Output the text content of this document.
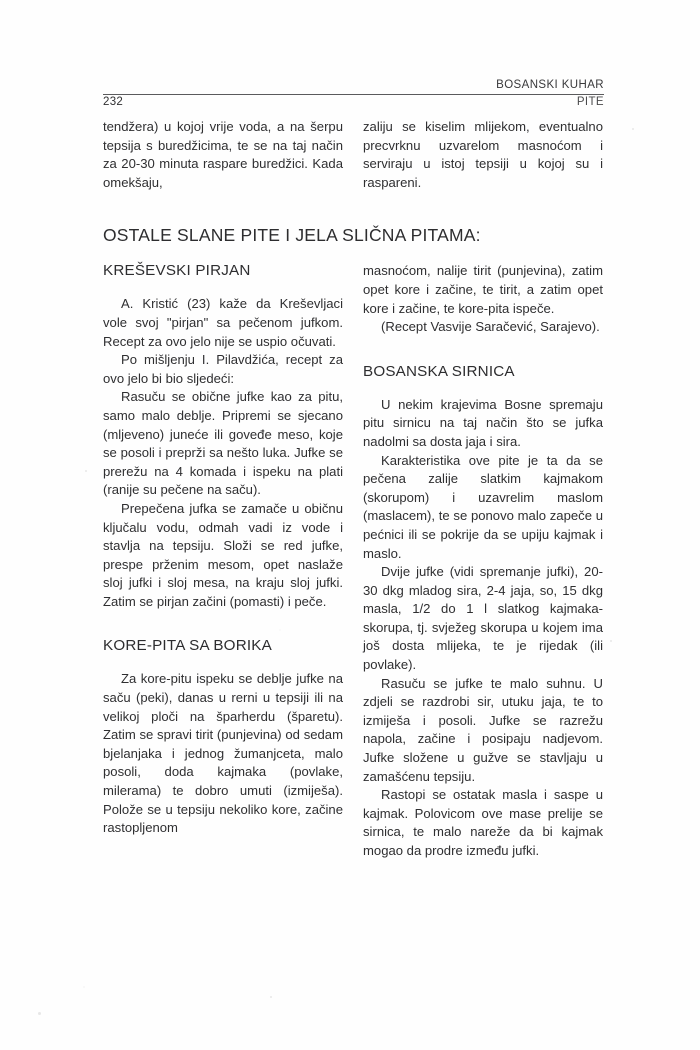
BOSANSKI KUHAR
232	PITE
OSTALE SLANE PITE I JELA SLIČNA PITAMA:

tendžera) u kojoj vrije voda, a na šerpu tepsija s buredžicima, te se na taj način za 20-30 minuta raspare buredžici. Kada omekšaju,

KREŠEVSKI PIRJAN

A. Kristić (23) kaže da Kreševljaci vole svoj "pirjan" sa pečenom jufkom. Recept za ovo jelo nije se uspio očuvati.

Po mišljenju I. Pilavdžića, recept za ovo jelo bi bio sljedeći:

Rasuču se obične jufke kao za pitu, samo malo deblje. Pripremi se sjecano (mljeveno) juneće ili goveđe meso, koje se posoli i preprži sa nešto luka. Jufke se prerežu na 4 komada i ispeku na plati (ranije su pečene na saču).

Prepečena jufka se zamače u običnu ključalu vodu, odmah vadi iz vode i stavlja na tepsiju. Složi se red jufke, prespe prženim mesom, opet naslaže sloj jufki i sloj mesa, na kraju sloj jufki. Zatim se pirjan začini (pomasti) i peče.

KORE-PITA SA BORIKA

Za kore-pitu ispeku se deblje jufke na saču (peki), danas u rerni u tepsiji ili na velikoj ploči na šparherdu (šparetu). Zatim se spravi tirit (punjevina) od sedam bjelanjaka i jednog žumanjceta, malo posoli, doda kajmaka (povlake, milerama) te dobro umuti (izmiješa). Polože se u tepsiju nekoliko kore, začine rastopljenom

zaliju se kiselim mlijekom, eventualno precvrknu uzvarelom masnoćom i serviraju u istoj tepsiji u kojoj su i raspareni.

masnoćom, nalije tirit (punjevina), zatim opet kore i začine, te tirit, a zatim opet kore i začine, te kore-pita ispeče.

(Recept Vasvije Saračević, Sarajevo).

BOSANSKA SIRNICA

U nekim krajevima Bosne spremaju pitu sirnicu na taj način što se jufka nadolmi sa dosta jaja i sira.

Karakteristika ove pite je ta da se pečena zalije slatkim kajmakom (skorupom) i uzavrelim maslom (maslacem), te se ponovo malo zapeče u pećnici ili se pokrije da se upiju kajmak i maslo.

Dvije jufke (vidi spremanje jufki), 20-30 dkg mladog sira, 2-4 jaja, so, 15 dkg masla, 1/2 do 1 l slatkog kajmaka-skorupa, tj. svježeg skorupa u kojem ima još dosta mlijeka, te je rijedak (ili povlake).

Rasuču se jufke te malo suhnu. U zdjeli se razdrobi sir, utuku jaja, te to izmiješa i posoli. Jufke se razrežu napola, začine i posipaju nadjevom. Jufke složene u gužve se stavljaju u zamašćenu tepsiju.

Rastopi se ostatak masla i saspe u kajmak. Polovicom ove mase prelije se sirnica, te malo nareže da bi kajmak mogao da prodre između jufki.
